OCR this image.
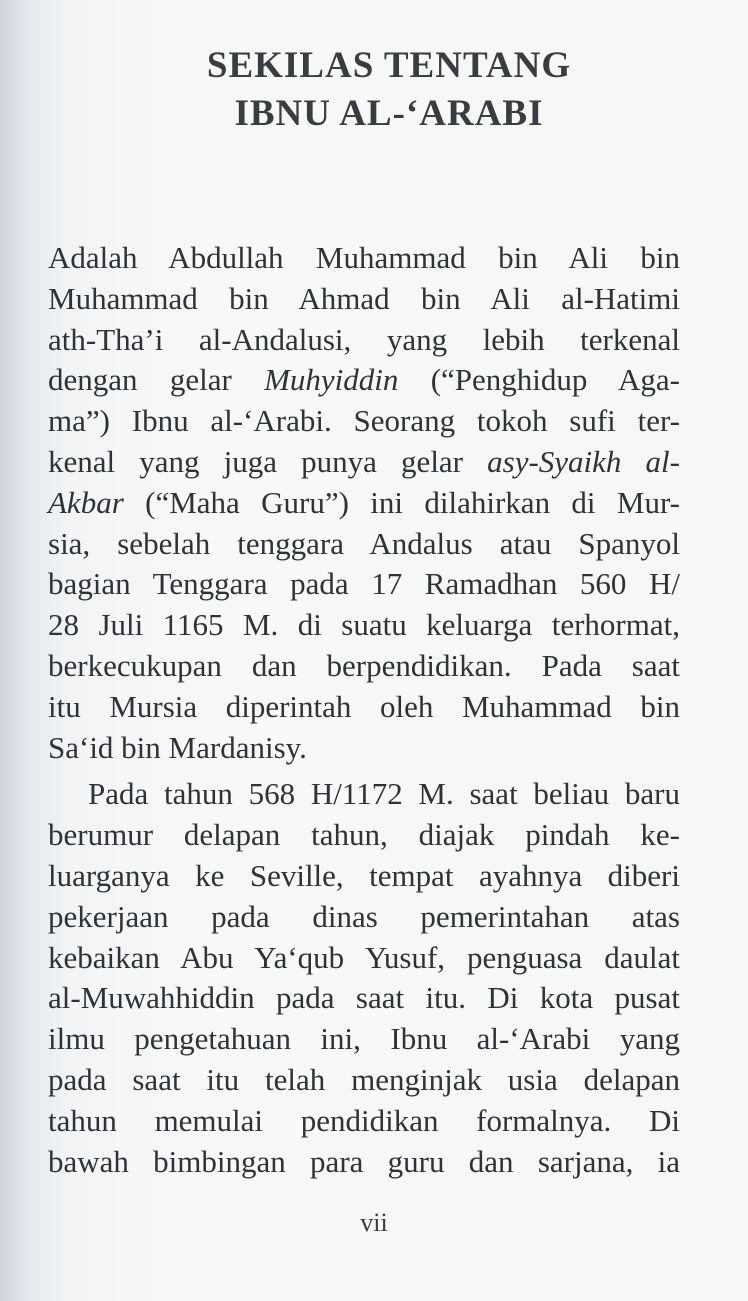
SEKILAS TENTANG
IBNU AL-‘ARABI
Adalah Abdullah Muhammad bin Ali bin
Muhammad bin Ahmad bin Ali al-Hatimi
ath-Tha’i al-Andalusi, yang lebih terkenal
dengan gelar Muhyiddin (“Penghidup Aga-
ma”) Ibnu al-‘Arabi. Seorang tokoh sufi ter-
kenal yang juga punya gelar asy-Syaikh al-
Akbar (“Maha Guru”) ini dilahirkan di Mur-
sia, sebelah tenggara Andalus atau Spanyol
bagian Tenggara pada 17 Ramadhan 560 H/
28 Juli 1165 M. di suatu keluarga terhormat,
berkecukupan dan berpendidikan. Pada saat
itu Mursia diperintah oleh Muhammad bin
Sa‘id bin Mardanisy.
Pada tahun 568 H/1172 M. saat beliau baru
berumur delapan tahun, diajak pindah ke-
luarganya ke Seville, tempat ayahnya diberi
pekerjaan pada dinas pemerintahan atas
kebaikan Abu Ya‘qub Yusuf, penguasa daulat
al-Muwahhiddin pada saat itu. Di kota pusat
ilmu pengetahuan ini, Ibnu al-‘Arabi yang
pada saat itu telah menginjak usia delapan
tahun memulai pendidikan formalnya. Di
bawah bimbingan para guru dan sarjana, ia
vii
